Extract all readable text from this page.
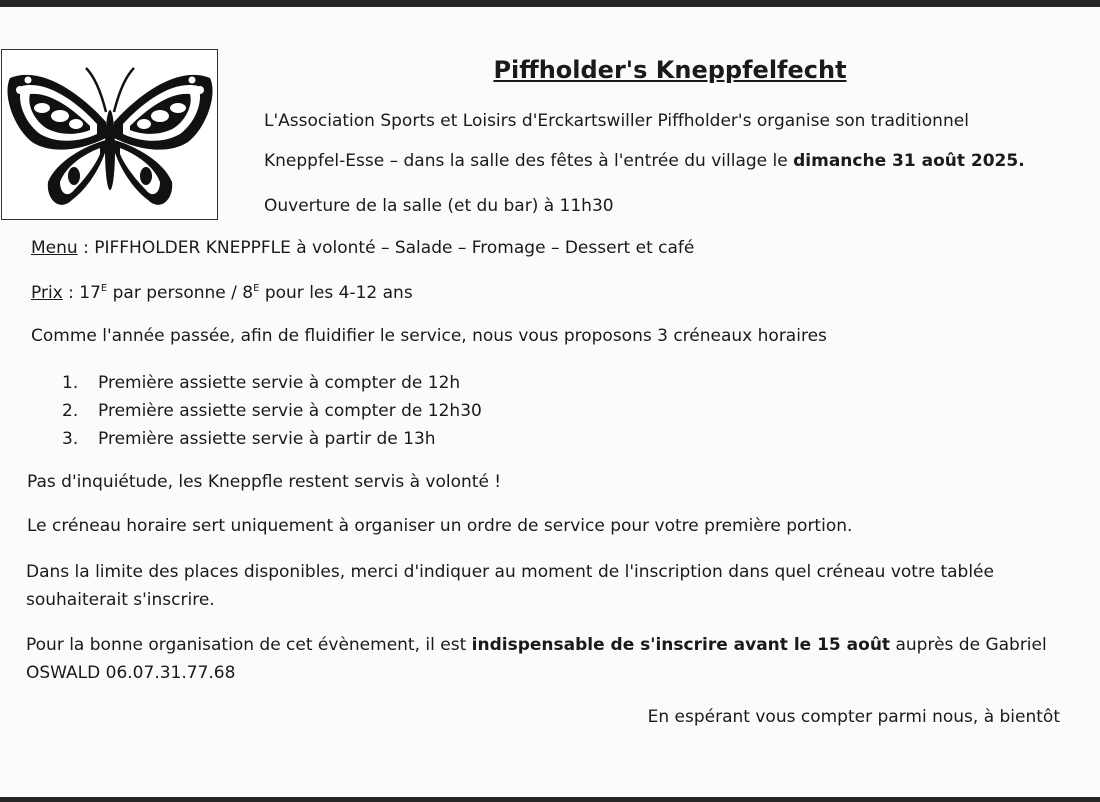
Piffholder's Kneppfelfecht
L'Association Sports et Loisirs d'Erckartswiller Piffholder's organise son traditionnel
Kneppfel-Esse – dans la salle des fêtes à l'entrée du village le dimanche 31 août 2025.
Ouverture de la salle (et du bar) à 11h30
Menu : PIFFHOLDER KNEPPFLE à volonté – Salade – Fromage – Dessert et café
Prix : $17^E$ par personne / $8^E$ pour les 4-12 ans
Comme l'année passée, afin de fluidifier le service, nous vous proposons 3 créneaux horaires
1. Première assiette servie à compter de 12h
2. Première assiette servie à compter de 12h30
3. Première assiette servie à partir de 13h
Pas d'inquiétude, les Kneppfle restent servis à volonté !
Le créneau horaire sert uniquement à organiser un ordre de service pour votre première portion.
Dans la limite des places disponibles, merci d'indiquer au moment de l'inscription dans quel créneau votre tablée souhaiterait s'inscrire.
Pour la bonne organisation de cet évènement, il est indispensable de s'inscrire avant le 15 août auprès de Gabriel OSWALD 06.07.31.77.68
En espérant vous compter parmi nous, à bientôt
